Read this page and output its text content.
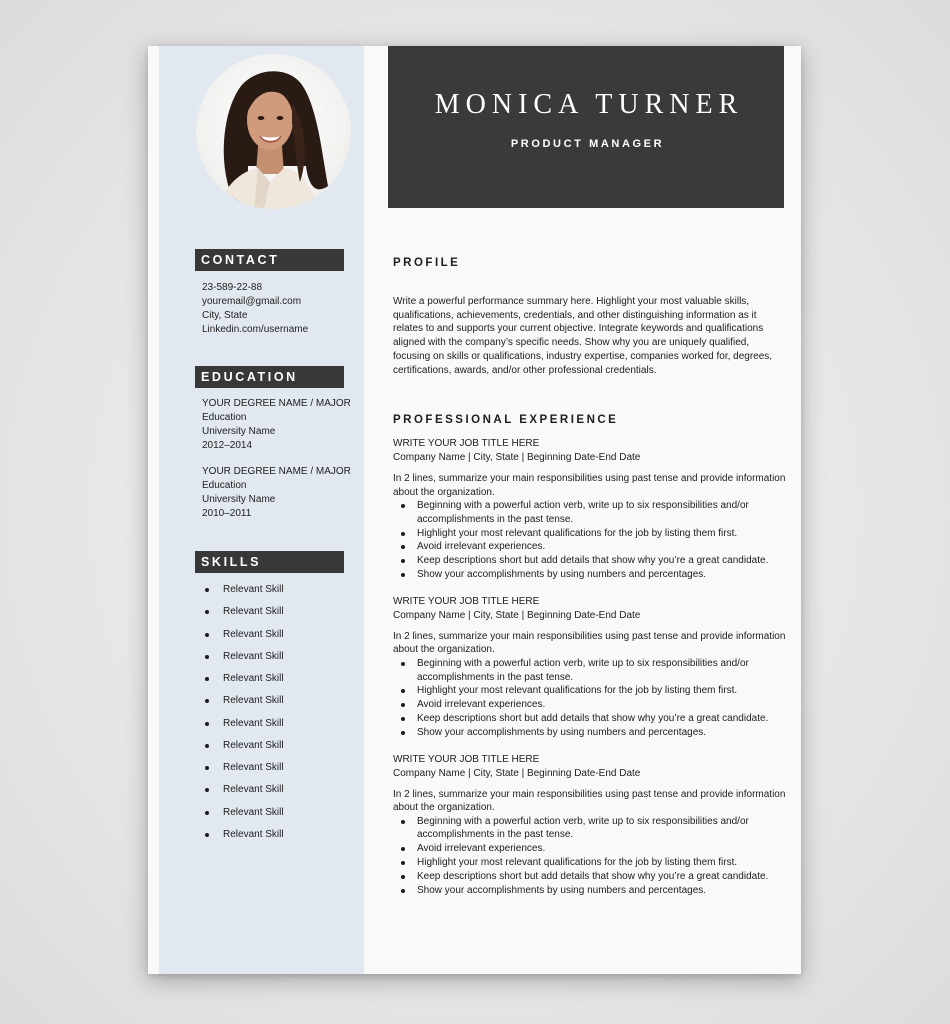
CONTACT
23-589-22-88
youremail@gmail.com
City, State
Linkedin.com/username
EDUCATION
YOUR DEGREE NAME / MAJOR
Education
University Name
2012–2014
YOUR DEGREE NAME / MAJOR
Education
University Name
2010–2011
SKILLS
Relevant Skill
Relevant Skill
Relevant Skill
Relevant Skill
Relevant Skill
Relevant Skill
Relevant Skill
Relevant Skill
Relevant Skill
Relevant Skill
Relevant Skill
Relevant Skill
MONICA TURNER
PRODUCT MANAGER
PROFILE
Write a powerful performance summary here. Highlight your most valuable skills, qualifications, achievements, credentials, and other distinguishing information as it relates to and supports your current objective. Integrate keywords and qualifications aligned with the company’s specific needs. Show why you are uniquely qualified, focusing on skills or qualifications, industry expertise, companies worked for, degrees, certifications, awards, and/or other professional credentials.
PROFESSIONAL EXPERIENCE
WRITE YOUR JOB TITLE HERE
Company Name | City, State | Beginning Date-End Date
In 2 lines, summarize your main responsibilities using past tense and provide information about the organization.
Beginning with a powerful action verb, write up to six responsibilities and/or accomplishments in the past tense.
Highlight your most relevant qualifications for the job by listing them first.
Avoid irrelevant experiences.
Keep descriptions short but add details that show why you’re a great candidate.
Show your accomplishments by using numbers and percentages.
WRITE YOUR JOB TITLE HERE
Company Name | City, State | Beginning Date-End Date
In 2 lines, summarize your main responsibilities using past tense and provide information about the organization.
Beginning with a powerful action verb, write up to six responsibilities and/or accomplishments in the past tense.
Highlight your most relevant qualifications for the job by listing them first.
Avoid irrelevant experiences.
Keep descriptions short but add details that show why you’re a great candidate.
Show your accomplishments by using numbers and percentages.
WRITE YOUR JOB TITLE HERE
Company Name | City, State | Beginning Date-End Date
In 2 lines, summarize your main responsibilities using past tense and provide information about the organization.
Beginning with a powerful action verb, write up to six responsibilities and/or accomplishments in the past tense.
Avoid irrelevant experiences.
Highlight your most relevant qualifications for the job by listing them first.
Keep descriptions short but add details that show why you’re a great candidate.
Show your accomplishments by using numbers and percentages.
